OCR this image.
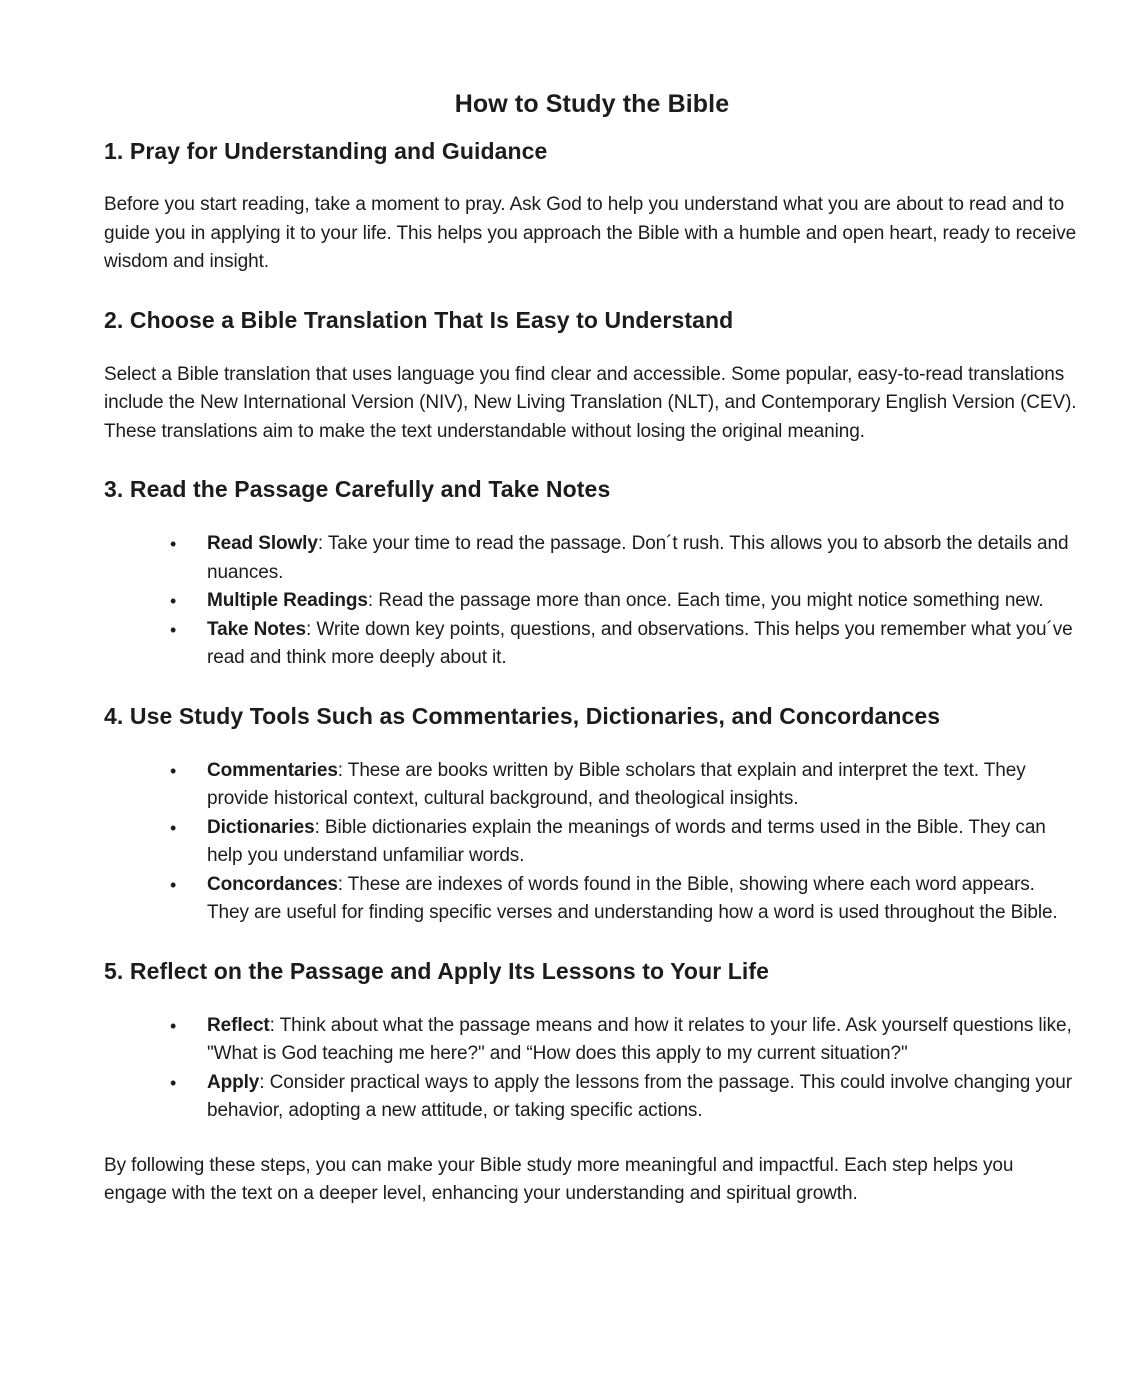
How to Study the Bible
1. Pray for Understanding and Guidance

Before you start reading, take a moment to pray. Ask God to help you understand what you are about to read and to guide you in applying it to your life. This helps you approach the Bible with a humble and open heart, ready to receive wisdom and insight.

2. Choose a Bible Translation That Is Easy to Understand

Select a Bible translation that uses language you find clear and accessible. Some popular, easy-to-read translations include the New International Version (NIV), New Living Translation (NLT), and Contemporary English Version (CEV). These translations aim to make the text understandable without losing the original meaning.

3. Read the Passage Carefully and Take Notes
• Read Slowly: Take your time to read the passage. Don´t rush. This allows you to absorb the details and nuances.
• Multiple Readings: Read the passage more than once. Each time, you might notice something new.
• Take Notes: Write down key points, questions, and observations. This helps you remember what you´ve read and think more deeply about it.
4. Use Study Tools Such as Commentaries, Dictionaries, and Concordances
• Commentaries: These are books written by Bible scholars that explain and interpret the text. They provide historical context, cultural background, and theological insights.
• Dictionaries: Bible dictionaries explain the meanings of words and terms used in the Bible. They can help you understand unfamiliar words.
• Concordances: These are indexes of words found in the Bible, showing where each word appears. They are useful for finding specific verses and understanding how a word is used throughout the Bible.
5. Reflect on the Passage and Apply Its Lessons to Your Life
• Reflect: Think about what the passage means and how it relates to your life. Ask yourself questions like, "What is God teaching me here?" and “How does this apply to my current situation?"
• Apply: Consider practical ways to apply the lessons from the passage. This could involve changing your behavior, adopting a new attitude, or taking specific actions.

By following these steps, you can make your Bible study more meaningful and impactful. Each step helps you engage with the text on a deeper level, enhancing your understanding and spiritual growth.
